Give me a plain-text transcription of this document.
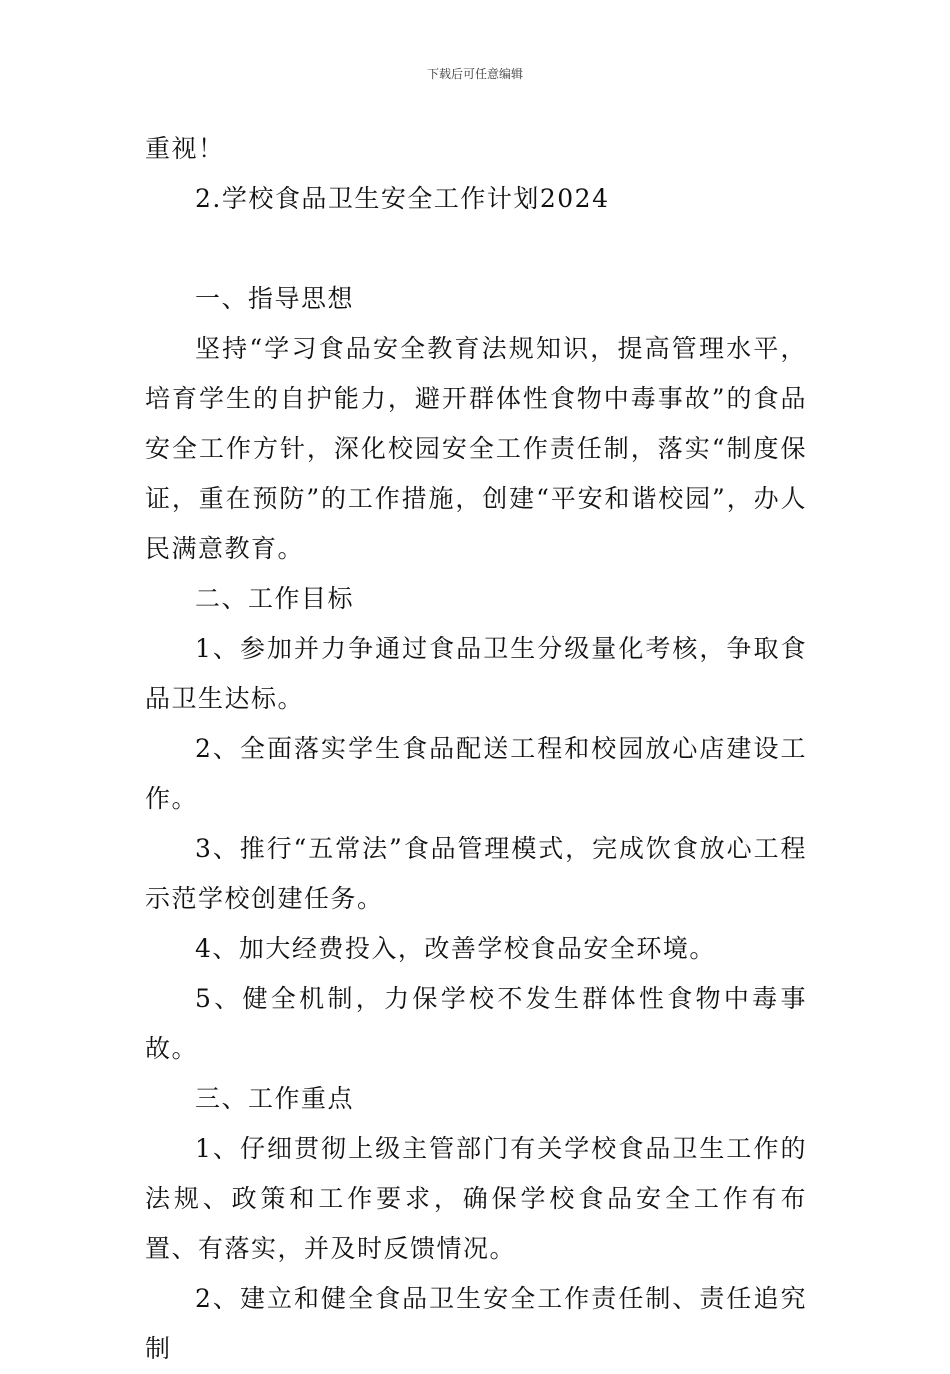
下载后可任意编辑

重视！

2.学校食品卫生安全工作计划2024

一、指导思想

坚持“学习食品安全教育法规知识，提高管理水平，培育学生的自护能力，避开群体性食物中毒事故”的食品安全工作方针，深化校园安全工作责任制，落实“制度保证，重在预防”的工作措施，创建“平安和谐校园”，办人民满意教育。

二、工作目标

1、参加并力争通过食品卫生分级量化考核，争取食品卫生达标。

2、全面落实学生食品配送工程和校园放心店建设工作。

3、推行“五常法”食品管理模式，完成饮食放心工程示范学校创建任务。

4、加大经费投入，改善学校食品安全环境。

5、健全机制，力保学校不发生群体性食物中毒事故。

三、工作重点

1、仔细贯彻上级主管部门有关学校食品卫生工作的法规、政策和工作要求，确保学校食品安全工作有布置、有落实，并及时反馈情况。

2、建立和健全食品卫生安全工作责任制、责任追究制
